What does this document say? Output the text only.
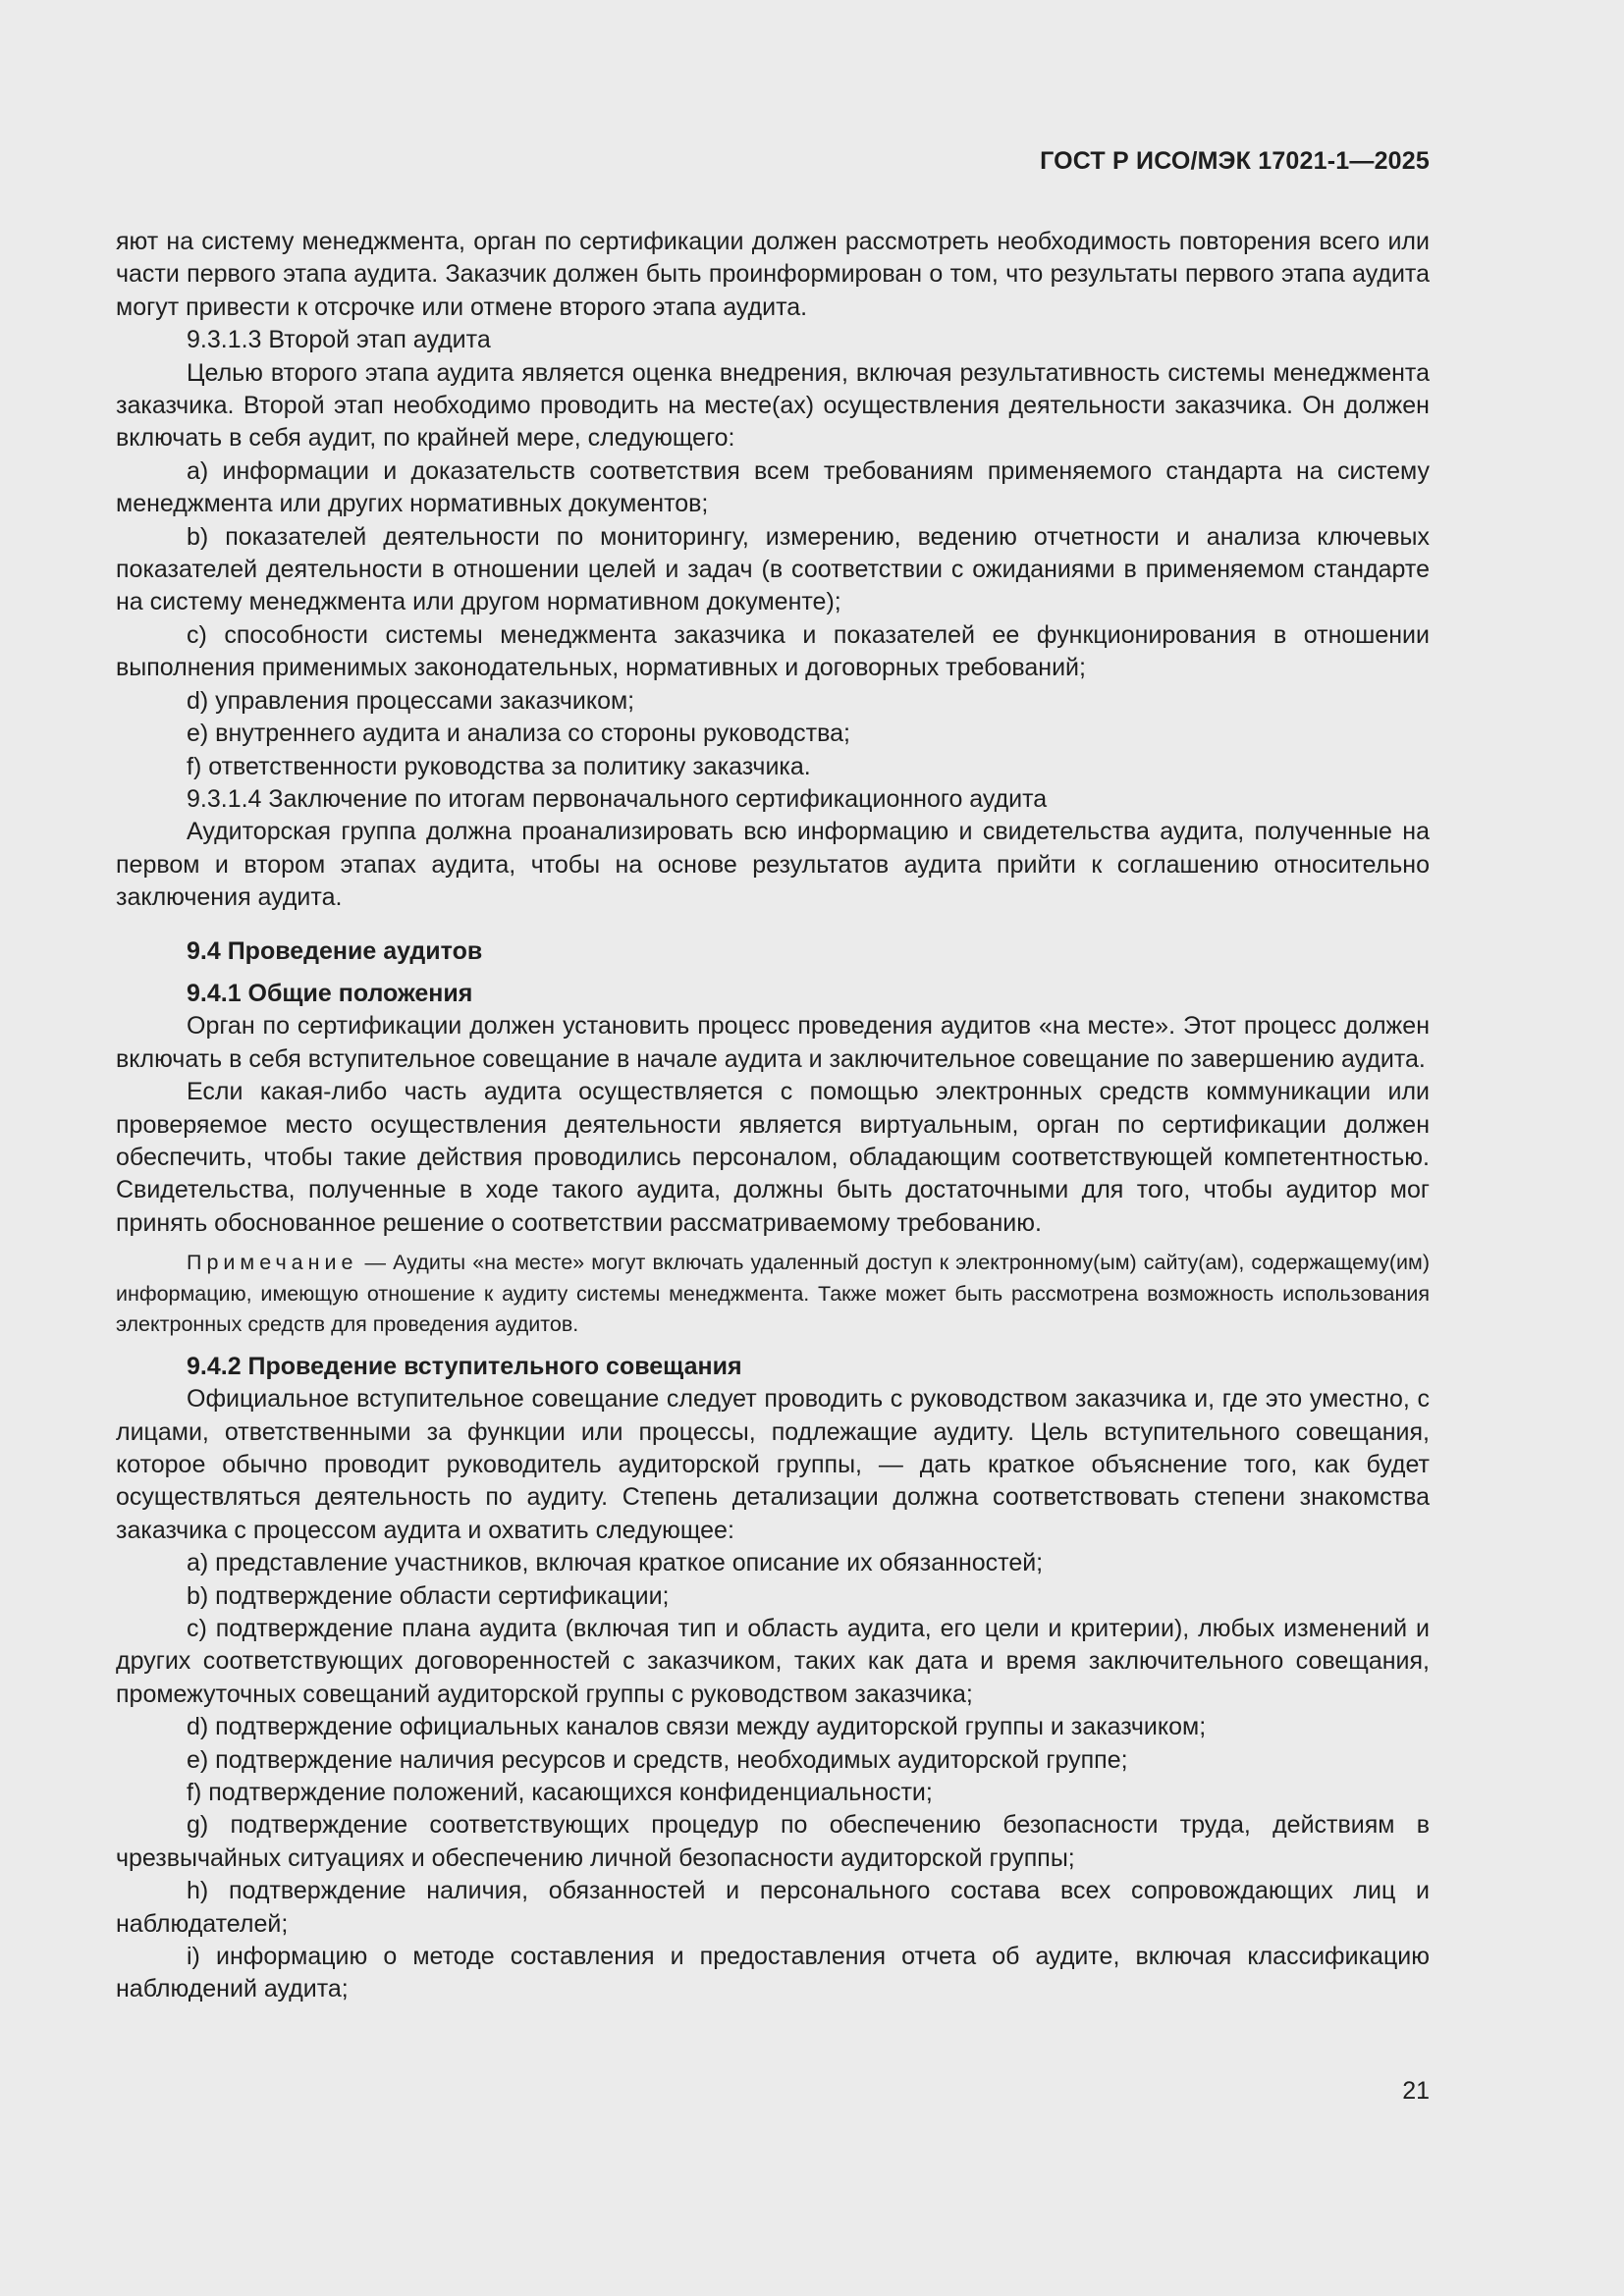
ГОСТ Р ИСО/МЭК 17021-1—2025

яют на систему менеджмента, орган по сертификации должен рассмотреть необходимость повторения всего или части первого этапа аудита. Заказчик должен быть проинформирован о том, что результаты первого этапа аудита могут привести к отсрочке или отмене второго этапа аудита.

9.3.1.3 Второй этап аудита

Целью второго этапа аудита является оценка внедрения, включая результативность системы менеджмента заказчика. Второй этап необходимо проводить на месте(ах) осуществления деятельности заказчика. Он должен включать в себя аудит, по крайней мере, следующего:

a) информации и доказательств соответствия всем требованиям применяемого стандарта на систему менеджмента или других нормативных документов;

b) показателей деятельности по мониторингу, измерению, ведению отчетности и анализа ключевых показателей деятельности в отношении целей и задач (в соответствии с ожиданиями в применяемом стандарте на систему менеджмента или другом нормативном документе);

c) способности системы менеджмента заказчика и показателей ее функционирования в отношении выполнения применимых законодательных, нормативных и договорных требований;

d) управления процессами заказчиком;

e) внутреннего аудита и анализа со стороны руководства;

f) ответственности руководства за политику заказчика.

9.3.1.4 Заключение по итогам первоначального сертификационного аудита

Аудиторская группа должна проанализировать всю информацию и свидетельства аудита, полученные на первом и втором этапах аудита, чтобы на основе результатов аудита прийти к соглашению относительно заключения аудита.

9.4 Проведение аудитов

9.4.1 Общие положения

Орган по сертификации должен установить процесс проведения аудитов «на месте». Этот процесс должен включать в себя вступительное совещание в начале аудита и заключительное совещание по завершению аудита.

Если какая-либо часть аудита осуществляется с помощью электронных средств коммуникации или проверяемое место осуществления деятельности является виртуальным, орган по сертификации должен обеспечить, чтобы такие действия проводились персоналом, обладающим соответствующей компетентностью. Свидетельства, полученные в ходе такого аудита, должны быть достаточными для того, чтобы аудитор мог принять обоснованное решение о соответствии рассматриваемому требованию.

Примечание — Аудиты «на месте» могут включать удаленный доступ к электронному(ым) сайту(ам), содержащему(им) информацию, имеющую отношение к аудиту системы менеджмента. Также может быть рассмотрена возможность использования электронных средств для проведения аудитов.

9.4.2 Проведение вступительного совещания

Официальное вступительное совещание следует проводить с руководством заказчика и, где это уместно, с лицами, ответственными за функции или процессы, подлежащие аудиту. Цель вступительного совещания, которое обычно проводит руководитель аудиторской группы, — дать краткое объяснение того, как будет осуществляться деятельность по аудиту. Степень детализации должна соответствовать степени знакомства заказчика с процессом аудита и охватить следующее:

a) представление участников, включая краткое описание их обязанностей;

b) подтверждение области сертификации;

c) подтверждение плана аудита (включая тип и область аудита, его цели и критерии), любых изменений и других соответствующих договоренностей с заказчиком, таких как дата и время заключительного совещания, промежуточных совещаний аудиторской группы с руководством заказчика;

d) подтверждение официальных каналов связи между аудиторской группы и заказчиком;

e) подтверждение наличия ресурсов и средств, необходимых аудиторской группе;

f) подтверждение положений, касающихся конфиденциальности;

g) подтверждение соответствующих процедур по обеспечению безопасности труда, действиям в чрезвычайных ситуациях и обеспечению личной безопасности аудиторской группы;

h) подтверждение наличия, обязанностей и персонального состава всех сопровождающих лиц и наблюдателей;

i) информацию о методе составления и предоставления отчета об аудите, включая классификацию наблюдений аудита;

21
